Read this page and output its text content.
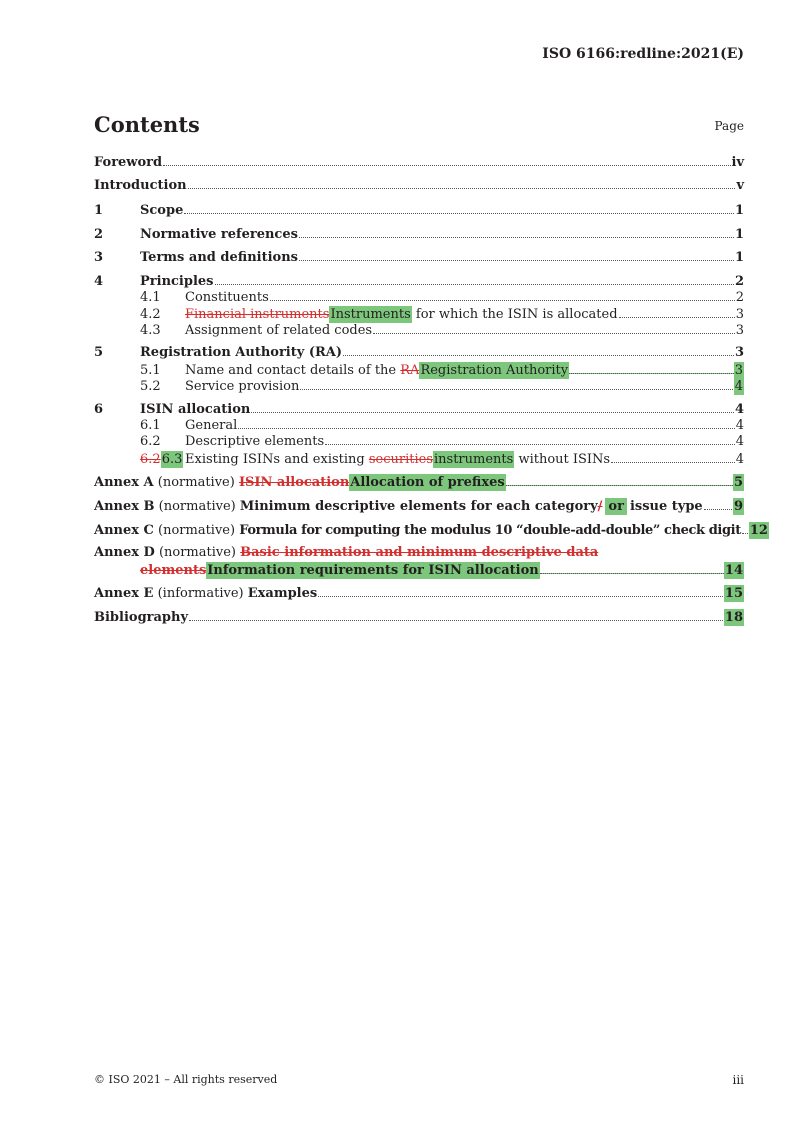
ISO 6166:redline:2021(E)
Contents	Page
Foreword	iv
Introduction	v
1	Scope	1
2	Normative references	1
3	Terms and definitions	1
4	Principles	2
4.1	Constituents	2
4.2	Financial instruments Instruments for which the ISIN is allocated	3
4.3	Assignment of related codes	3
5	Registration Authority (RA)	3
5.1	Name and contact details of the RA Registration Authority	3
5.2	Service provision	4
6	ISIN allocation	4
6.1	General	4
6.2	Descriptive elements	4
6.26.3 Existing ISINs and existing securities instruments without ISINs	4
Annex A (normative) ISIN allocation Allocation of prefixes	5
Annex B (normative) Minimum descriptive elements for each category / or issue type 9
Annex C (normative) Formula for computing the modulus 10 “double-add-double” check digit 12
Annex D (normative) Basic information and minimum descriptive data
elements Information requirements for ISIN allocation	14
Annex E (informative) Examples	15
Bibliography	18
© ISO 2021 – All rights reserved	iii
